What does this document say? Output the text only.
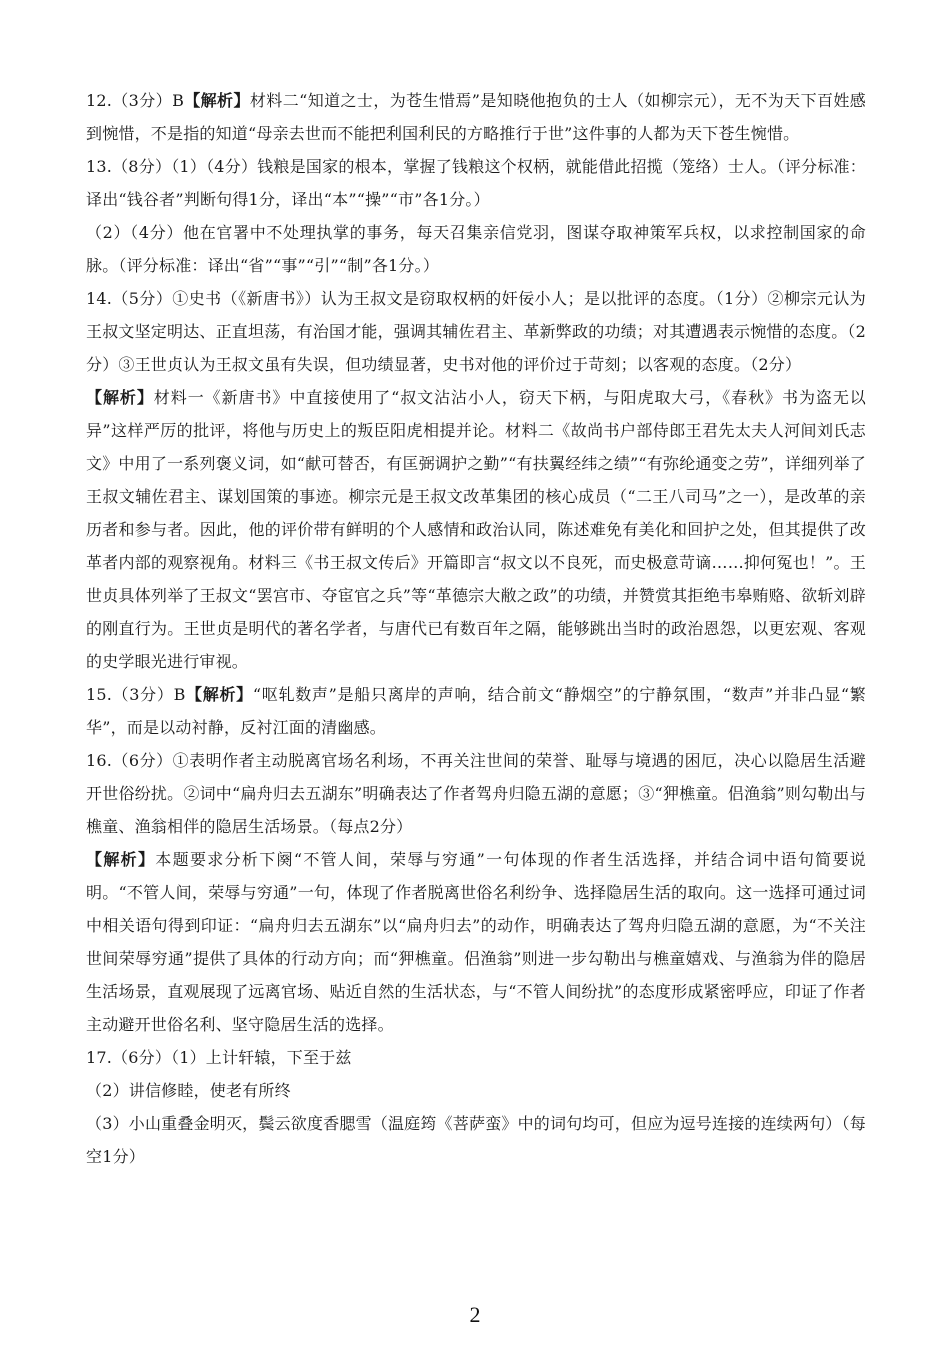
12.（3分）B【解析】材料二“知道之士，为苍生惜焉”是知晓他抱负的士人（如柳宗元），无不为天下百姓感到惋惜，不是指的知道“母亲去世而不能把利国利民的方略推行于世”这件事的人都为天下苍生惋惜。

13.（8分）（1）（4分）钱粮是国家的根本，掌握了钱粮这个权柄，就能借此招揽（笼络）士人。（评分标准：译出“钱谷者”判断句得1分，译出“本”“操”“市”各1分。）

（2）（4分）他在官署中不处理执掌的事务，每天召集亲信党羽，图谋夺取神策军兵权，以求控制国家的命脉。（评分标准：译出“省”“事”“引”“制”各1分。）

14.（5分）①史书（《新唐书》）认为王叔文是窃取权柄的奸佞小人；是以批评的态度。（1分）②柳宗元认为王叔文坚定明达、正直坦荡，有治国才能，强调其辅佐君主、革新弊政的功绩；对其遭遇表示惋惜的态度。（2分）③王世贞认为王叔文虽有失误，但功绩显著，史书对他的评价过于苛刻；以客观的态度。（2分）

【解析】材料一《新唐书》中直接使用了“叔文沾沾小人，窃天下柄，与阳虎取大弓，《春秋》书为盗无以异”这样严厉的批评，将他与历史上的叛臣阳虎相提并论。材料二《故尚书户部侍郎王君先太夫人河间刘氏志文》中用了一系列褒义词，如“献可替否，有匡弼调护之勤”“有扶翼经纬之绩”“有弥纶通变之劳”，详细列举了王叔文辅佐君主、谋划国策的事迹。柳宗元是王叔文改革集团的核心成员（“二王八司马”之一），是改革的亲历者和参与者。因此，他的评价带有鲜明的个人感情和政治认同，陈述难免有美化和回护之处，但其提供了改革者内部的观察视角。材料三《书王叔文传后》开篇即言“叔文以不良死，而史极意苛谪……抑何冤也！”。王世贞具体列举了王叔文“罢宫市、夺宦官之兵”等“革德宗大敝之政”的功绩，并赞赏其拒绝韦皋贿赂、欲斩刘辟的刚直行为。王世贞是明代的著名学者，与唐代已有数百年之隔，能够跳出当时的政治恩怨，以更宏观、客观的史学眼光进行审视。

15.（3分）B【解析】“呕轧数声”是船只离岸的声响，结合前文“静烟空”的宁静氛围，“数声”并非凸显“繁华”，而是以动衬静，反衬江面的清幽感。

16.（6分）①表明作者主动脱离官场名利场，不再关注世间的荣誉、耻辱与境遇的困厄，决心以隐居生活避开世俗纷扰。②词中“扁舟归去五湖东”明确表达了作者驾舟归隐五湖的意愿；③“狎樵童。侣渔翁”则勾勒出与樵童、渔翁相伴的隐居生活场景。（每点2分）

【解析】本题要求分析下阕“不管人间，荣辱与穷通”一句体现的作者生活选择，并结合词中语句简要说明。“不管人间，荣辱与穷通”一句，体现了作者脱离世俗名利纷争、选择隐居生活的取向。这一选择可通过词中相关语句得到印证：“扁舟归去五湖东”以“扁舟归去”的动作，明确表达了驾舟归隐五湖的意愿，为“不关注世间荣辱穷通”提供了具体的行动方向；而“狎樵童。侣渔翁”则进一步勾勒出与樵童嬉戏、与渔翁为伴的隐居生活场景，直观展现了远离官场、贴近自然的生活状态，与“不管人间纷扰”的态度形成紧密呼应，印证了作者主动避开世俗名利、坚守隐居生活的选择。

17.（6分）（1）上计轩辕，下至于兹

（2）讲信修睦，使老有所终

（3）小山重叠金明灭，鬓云欲度香腮雪（温庭筠《菩萨蛮》中的词句均可，但应为逗号连接的连续两句）（每空1分）

2
